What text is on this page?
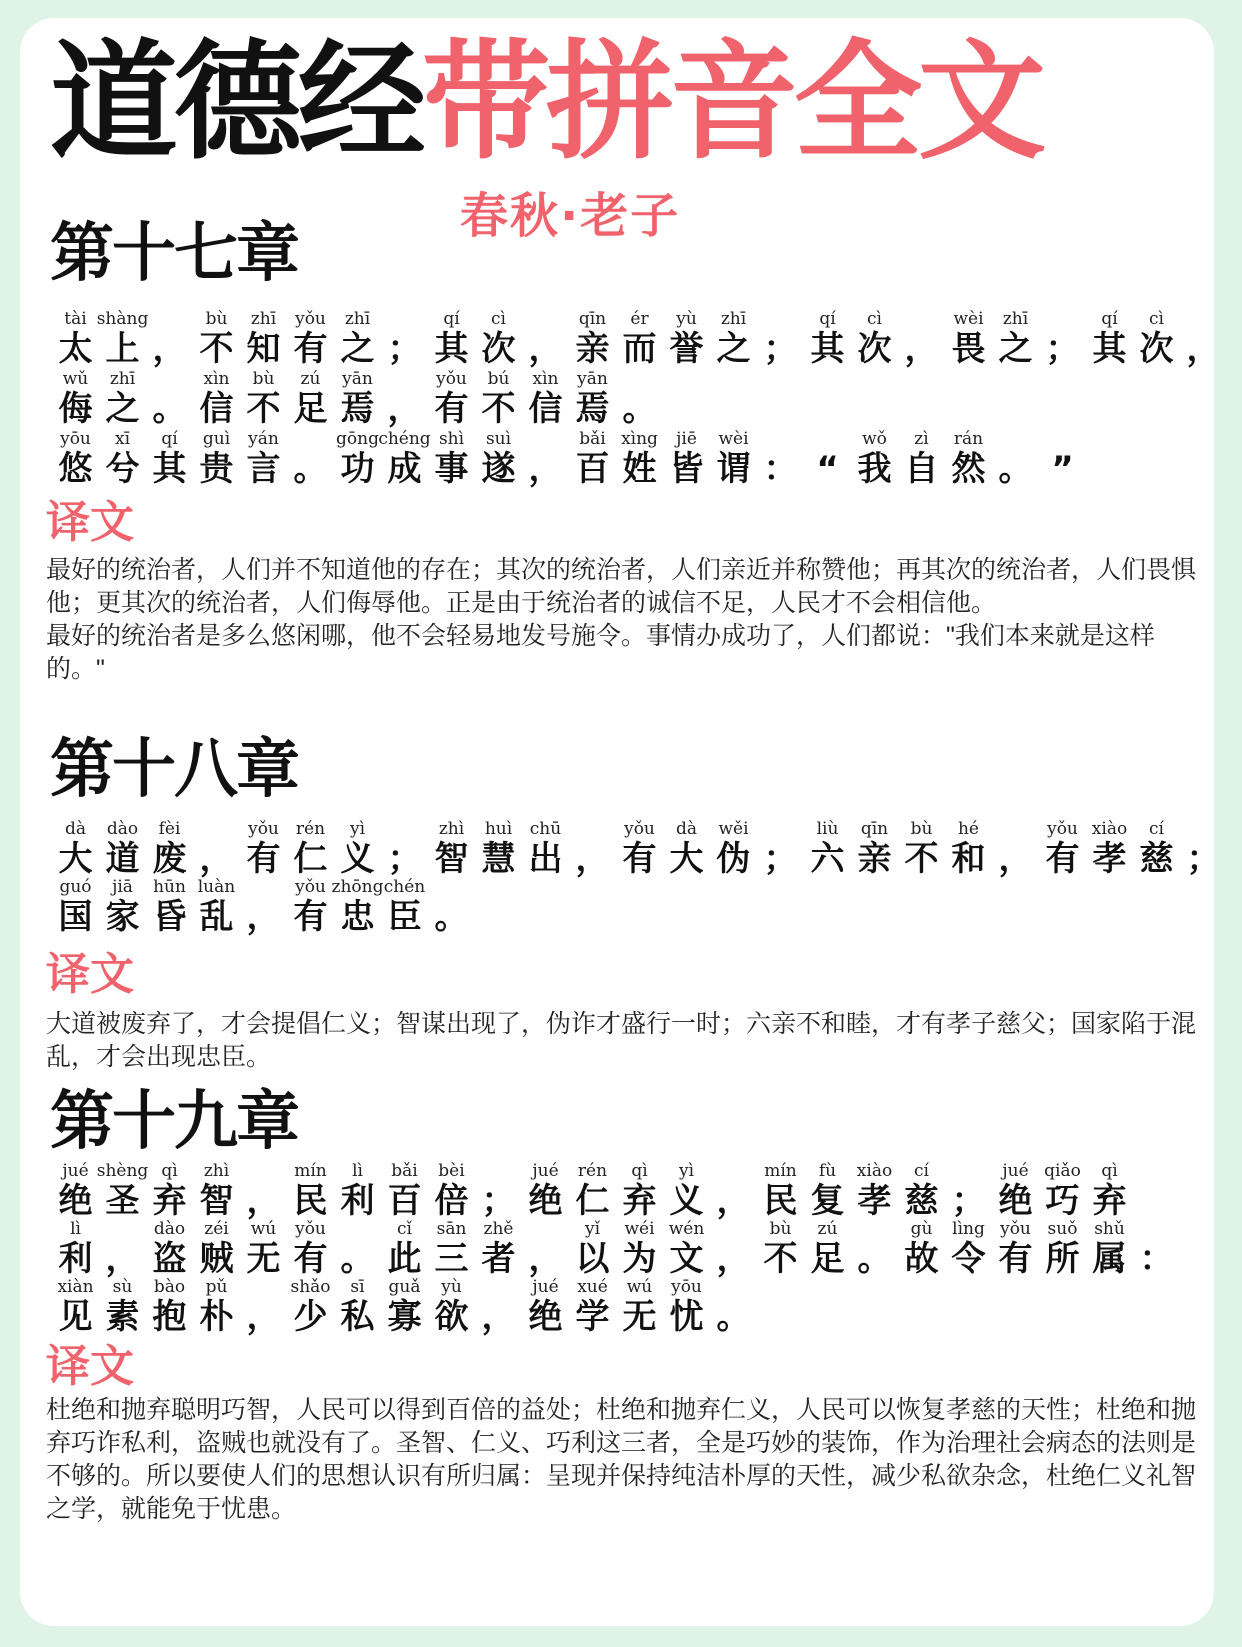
道德经带拼音全文
春秋·老子
第十七章
tài
太
shàng
上 ，
bù
不
zhī
知
yǒu
有
zhī
之 ；
qí
其
cì
次 ，
qīn
亲
ér
而
yù
誉
zhī
之 ；
qí
其
cì
次 ，
wèi
畏
zhī
之 ；
qí
其
cì
次 ，
wǔ
侮
zhī
之 。
xìn
信
bù
不
zú
足
yān
焉 ，
yǒu
有
bú
不
xìn
信
yān
焉 。
yōu
悠
xī
兮
qí
其
guì
贵
yán
言 。
gōng
功
chéng
成
shì
事
suì
遂 ，
bǎi
百
xìng
姓
jiē
皆
wèi
谓 ： “
wǒ
我
zì
自
rán
然 。 ”
译文

最好的统治者，人们并不知道他的存在；其次的统治者，人们亲近并称赞他；再其次的统治者，人们畏惧他；更其次的统治者，人们侮辱他。正是由于统治者的诚信不足，人民才不会相信他。

最好的统治者是多么悠闲哪，他不会轻易地发号施令。事情办成功了，人们都说："我们本来就是这样的。"

第十八章
dà
大
dào
道
fèi
废 ，
yǒu
有
rén
仁
yì
义 ；
zhì
智
huì
慧
chū
出 ，
yǒu
有
dà
大
wěi
伪 ；
liù
六
qīn
亲
bù
不
hé
和 ，
yǒu
有
xiào
孝
cí
慈 ；
guó
国
jiā
家
hūn
昏
luàn
乱 ，
yǒu
有
zhōng
忠
chén
臣 。
译文

大道被废弃了，才会提倡仁义；智谋出现了，伪诈才盛行一时；六亲不和睦，才有孝子慈父；国家陷于混乱，才会出现忠臣。

第十九章
jué
绝
shèng
圣
qì
弃
zhì
智 ，
mín
民
lì
利
bǎi
百
bèi
倍 ；
jué
绝
rén
仁
qì
弃
yì
义 ，
mín
民
fù
复
xiào
孝
cí
慈 ；
jué
绝
qiǎo
巧
qì
弃
lì
利 ，
dào
盗
zéi
贼
wú
无
yǒu
有 。
cǐ
此
sān
三
zhě
者 ，
yǐ
以
wéi
为
wén
文 ，
bù
不
zú
足 。
gù
故
lìng
令
yǒu
有
suǒ
所
shǔ
属 ：
xiàn
见
sù
素
bào
抱
pǔ
朴 ，
shǎo
少
sī
私
guǎ
寡
yù
欲 ，
jué
绝
xué
学
wú
无
yōu
忧 。
译文

杜绝和抛弃聪明巧智，人民可以得到百倍的益处；杜绝和抛弃仁义，人民可以恢复孝慈的天性；杜绝和抛弃巧诈私利，盗贼也就没有了。圣智、仁义、巧利这三者，全是巧妙的装饰，作为治理社会病态的法则是不够的。所以要使人们的思想认识有所归属：呈现并保持纯洁朴厚的天性，减少私欲杂念，杜绝仁义礼智之学，就能免于忧患。
